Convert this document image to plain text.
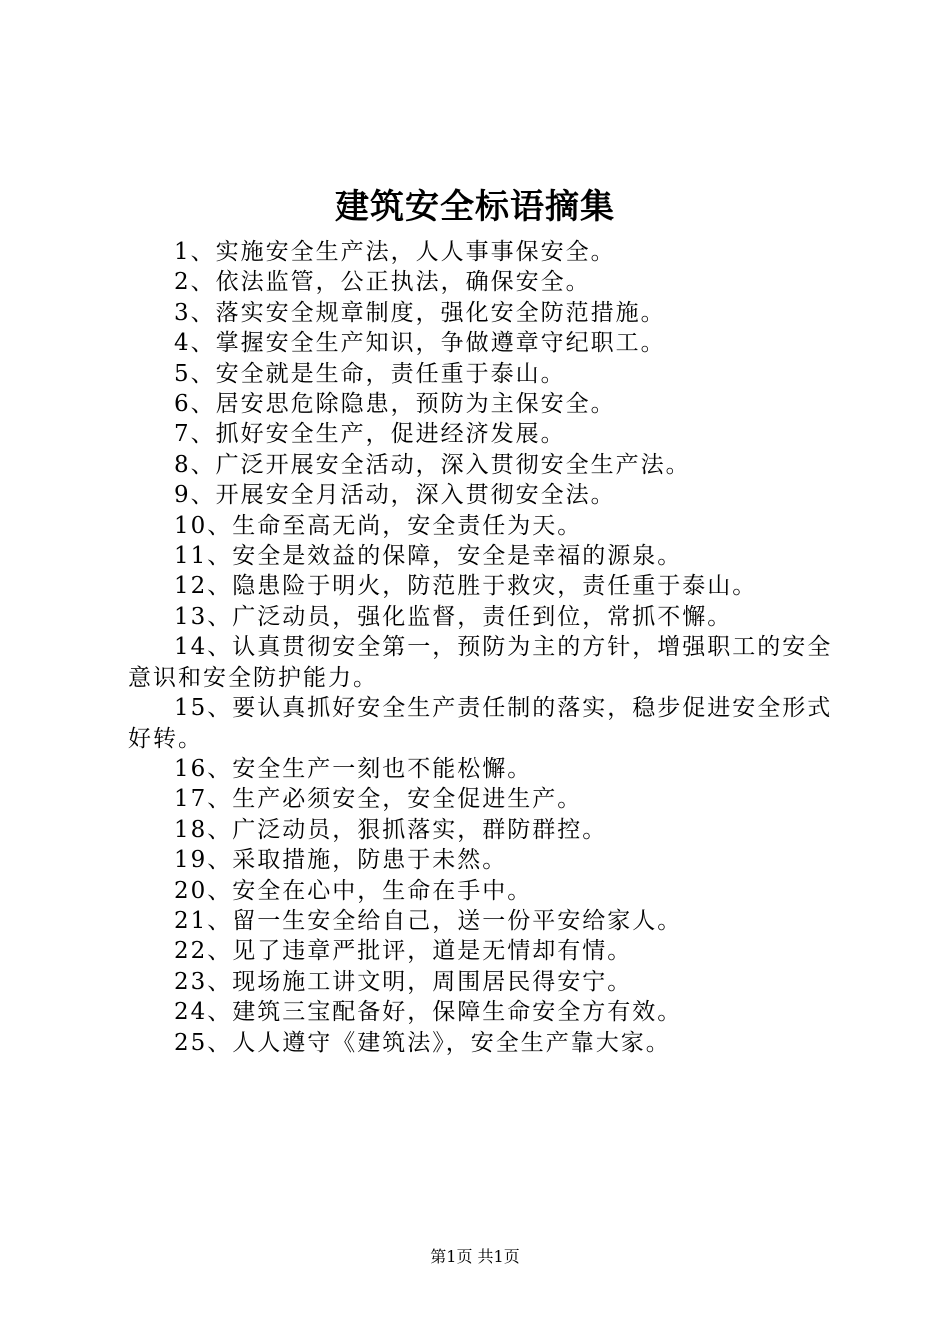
建筑安全标语摘集
1、实施安全生产法，人人事事保安全。
2、依法监管，公正执法，确保安全。
3、落实安全规章制度，强化安全防范措施。
4、掌握安全生产知识，争做遵章守纪职工。
5、安全就是生命，责任重于泰山。
6、居安思危除隐患，预防为主保安全。
7、抓好安全生产，促进经济发展。
8、广泛开展安全活动，深入贯彻安全生产法。
9、开展安全月活动，深入贯彻安全法。
10、生命至高无尚，安全责任为天。
11、安全是效益的保障，安全是幸福的源泉。
12、隐患险于明火，防范胜于救灾，责任重于泰山。
13、广泛动员，强化监督，责任到位，常抓不懈。
14、认真贯彻安全第一，预防为主的方针，增强职工的安全意识和安全防护能力。
15、要认真抓好安全生产责任制的落实，稳步促进安全形式好转。
16、安全生产一刻也不能松懈。
17、生产必须安全，安全促进生产。
18、广泛动员，狠抓落实，群防群控。
19、采取措施，防患于未然。
20、安全在心中，生命在手中。
21、留一生安全给自己，送一份平安给家人。
22、见了违章严批评，道是无情却有情。
23、现场施工讲文明，周围居民得安宁。
24、建筑三宝配备好，保障生命安全方有效。
25、人人遵守《建筑法》，安全生产靠大家。
第1页 共1页
